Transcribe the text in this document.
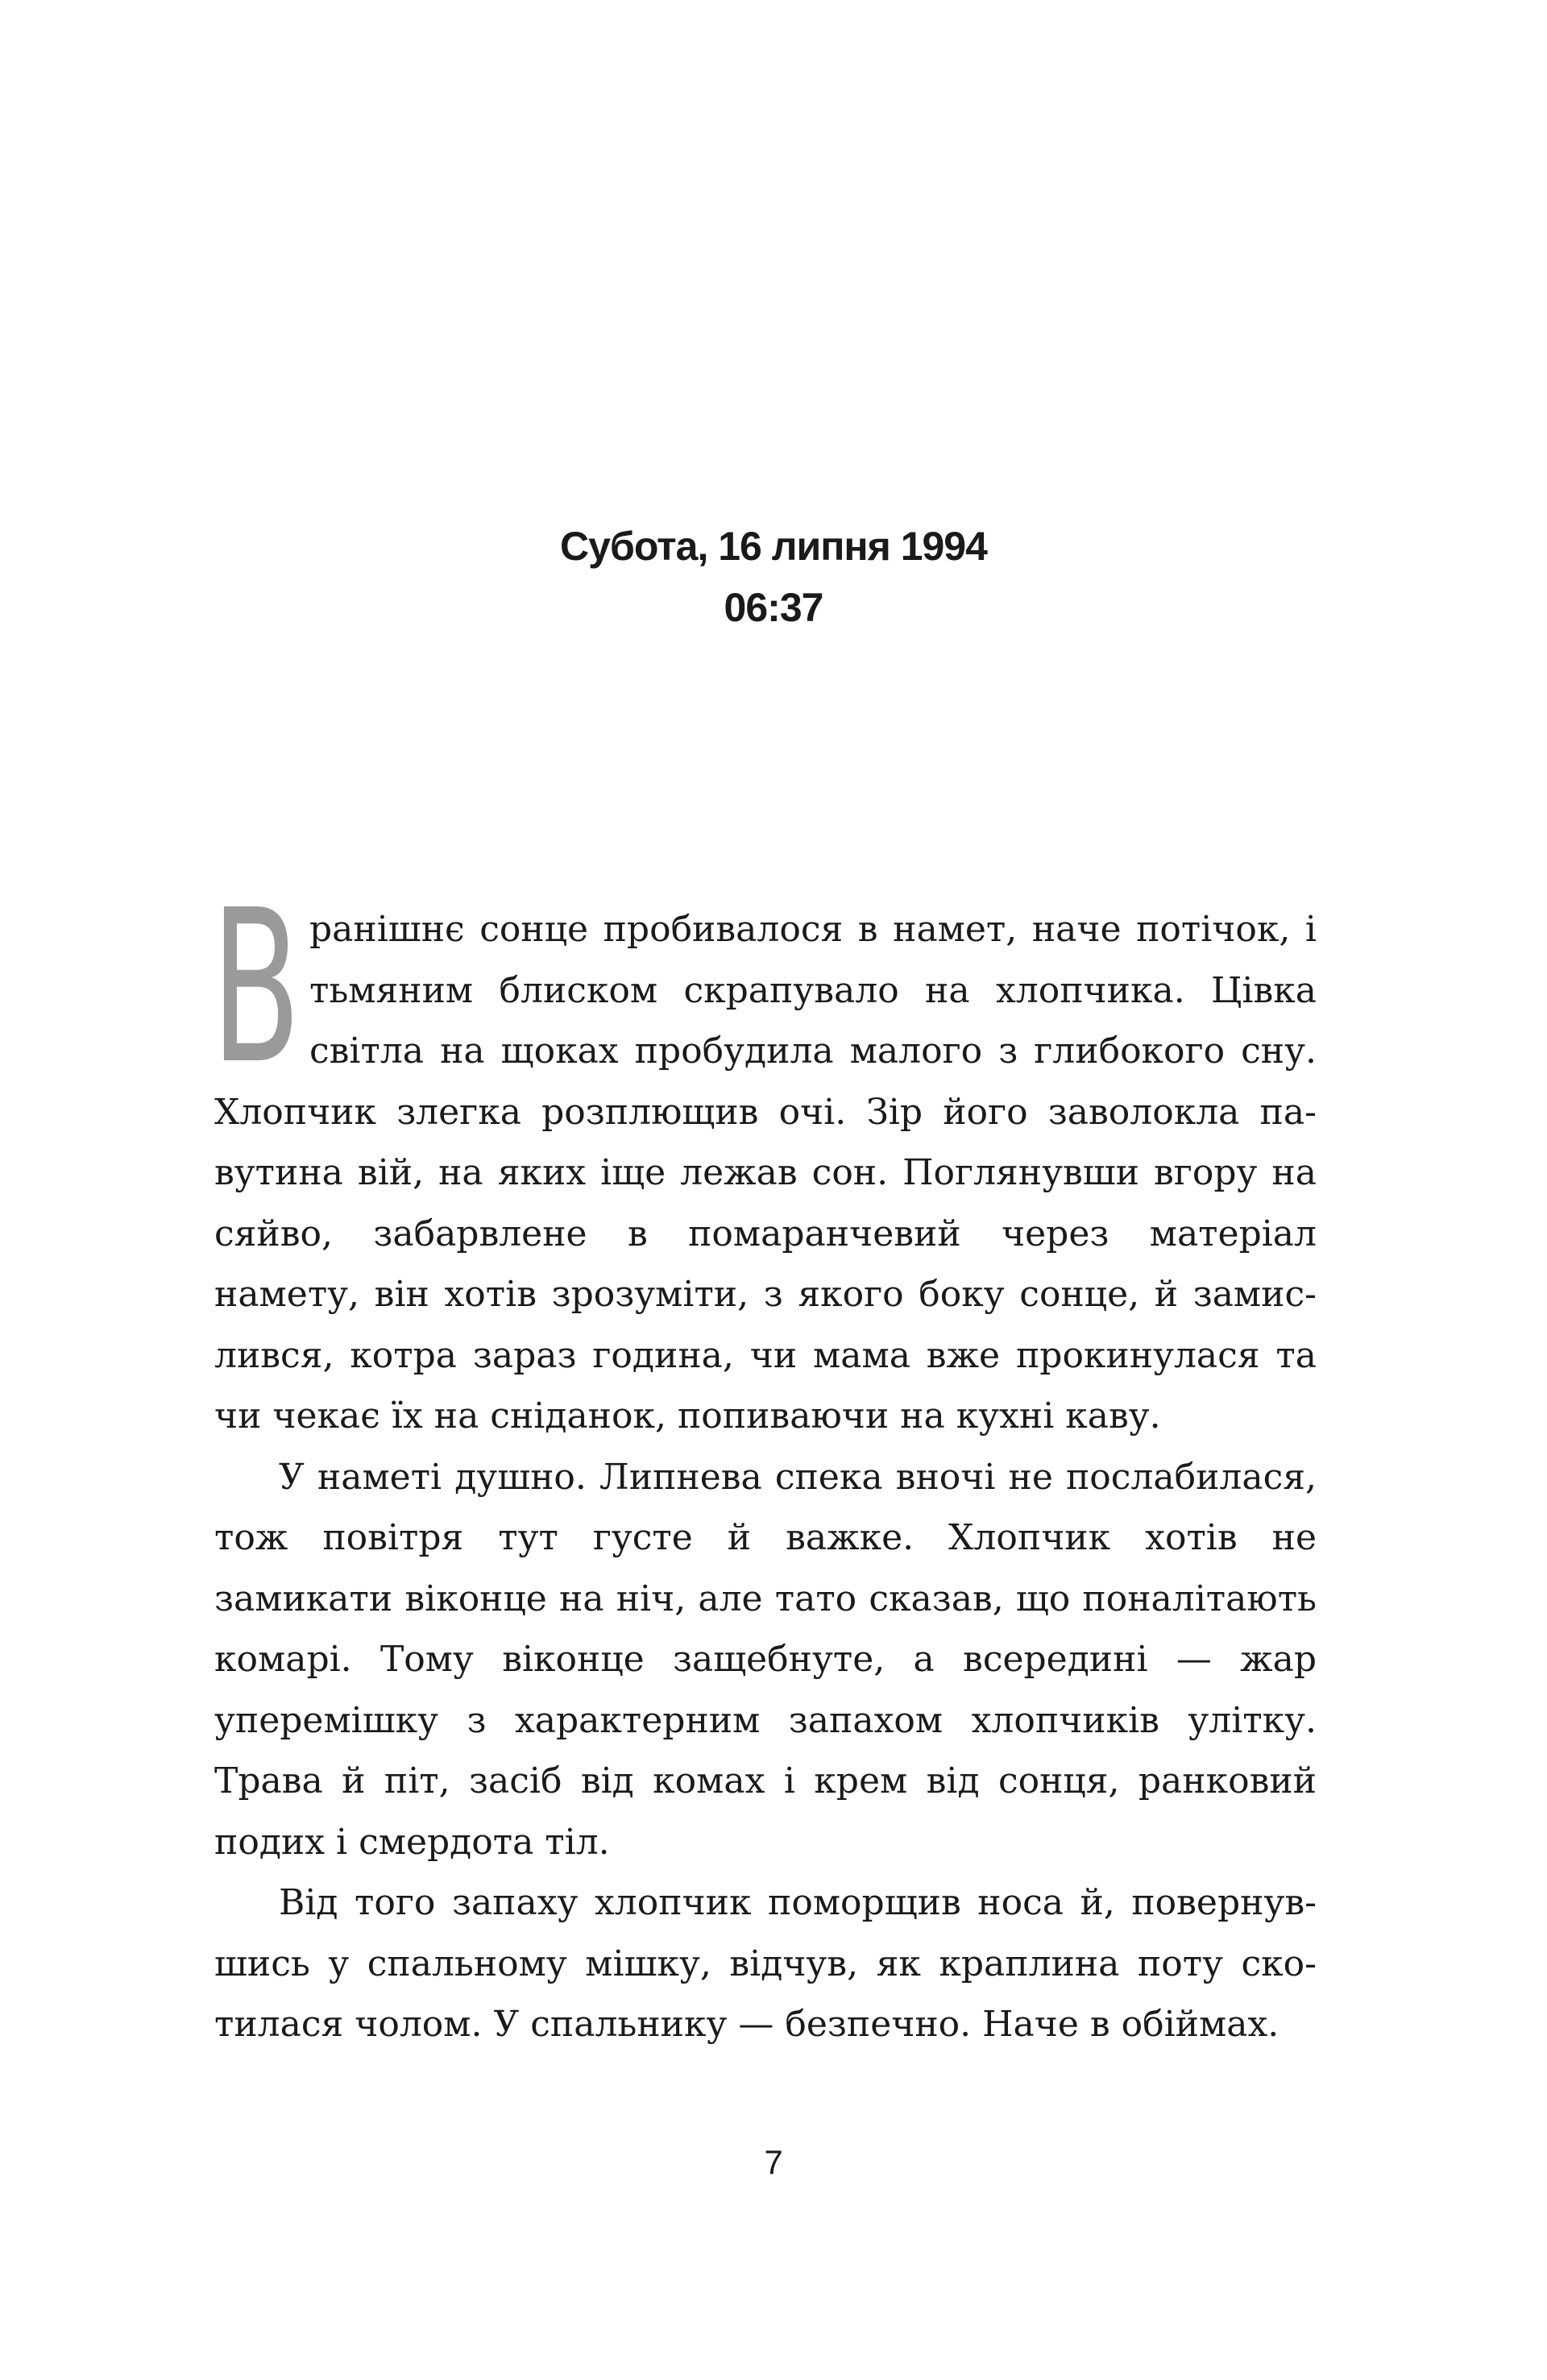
Субота, 16 липня 1994
06:37

Вранішнє сонце пробивалося в намет, наче потічок, і тьмяним блиском скрапувало на хлопчика. Цівка світла на щоках пробудила малого з глибокого сну. Хлопчик злегка розплющив очі. Зір його заволокла павутина вій, на яких іще лежав сон. Поглянувши вгору на сяйво, забарвлене в помаранчевий через матеріал намету, він хотів зрозуміти, з якого боку сонце, й замислився, котра зараз година, чи мама вже прокинулася та чи чекає їх на сніданок, попиваючи на кухні каву.

У наметі душно. Липнева спека вночі не послабилася, тож повітря тут густе й важке. Хлопчик хотів не замикати віконце на ніч, але тато сказав, що поналітають комарі. Тому віконце защебнуте, а всередині — жар уперемішку з характерним запахом хлопчиків улітку. Трава й піт, засіб від комах і крем від сонця, ранковий подих і смердота тіл.

Від того запаху хлопчик поморщив носа й, повернувшись у спальному мішку, відчув, як краплина поту скотилася чолом. У спальнику — безпечно. Наче в обіймах.

7
